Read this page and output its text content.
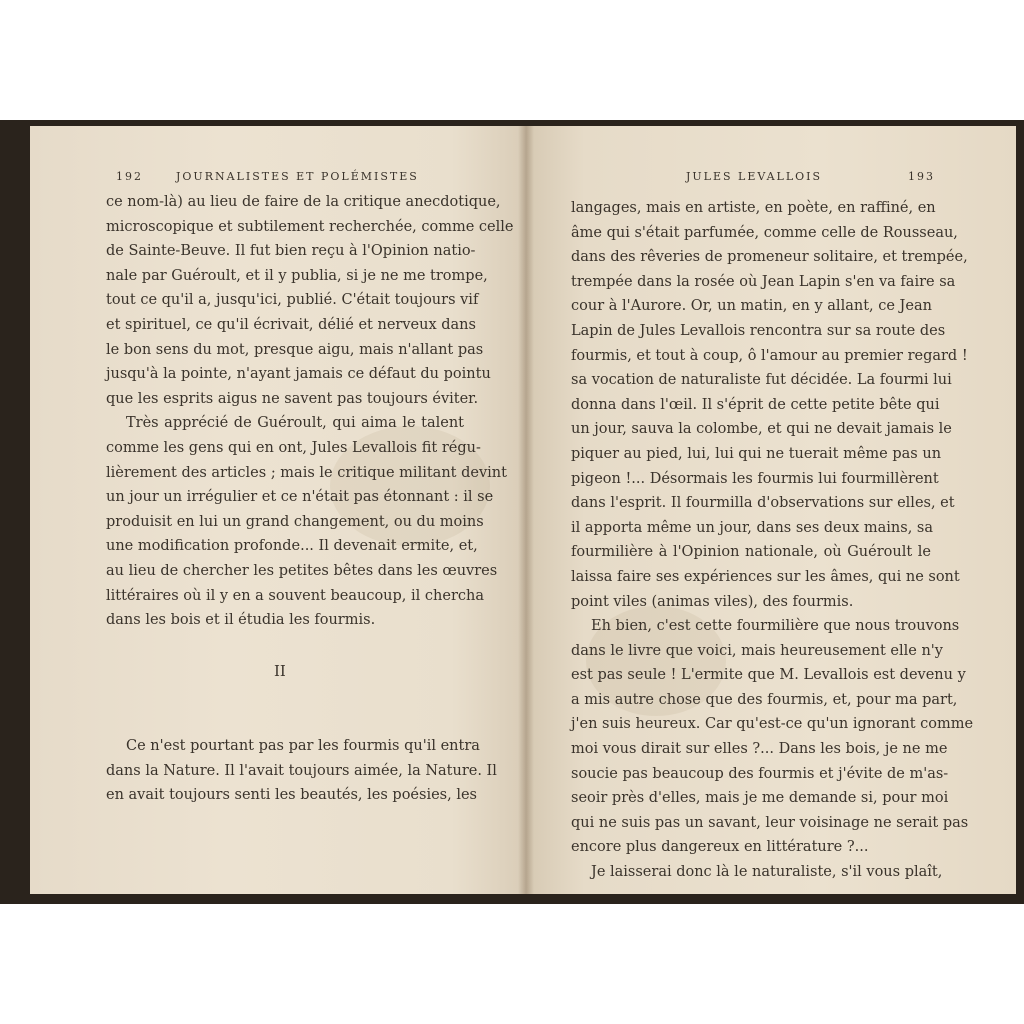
192	JOURNALISTES ET POLÉMISTES
ce nom-là) au lieu de faire de la critique anecdotique,
microscopique et subtilement recherchée, comme celle
de Sainte-Beuve. Il fut bien reçu à l'Opinion natio-
nale par Guéroult, et il y publia, si je ne me trompe,
tout ce qu'il a, jusqu'ici, publié. C'était toujours vif
et spirituel, ce qu'il écrivait, délié et nerveux dans
le bon sens du mot, presque aigu, mais n'allant pas
jusqu'à la pointe, n'ayant jamais ce défaut du pointu
que les esprits aigus ne savent pas toujours éviter.
Très apprécié de Guéroult, qui aima le talent
comme les gens qui en ont, Jules Levallois fit régu-
lièrement des articles ; mais le critique militant devint
un jour un irrégulier et ce n'était pas étonnant : il se
produisit en lui un grand changement, ou du moins
une modification profonde... Il devenait ermite, et,
au lieu de chercher les petites bêtes dans les œuvres
littéraires où il y en a souvent beaucoup, il chercha
dans les bois et il étudia les fourmis.
II
Ce n'est pourtant pas par les fourmis qu'il entra
dans la Nature. Il l'avait toujours aimée, la Nature. Il
en avait toujours senti les beautés, les poésies, les
JULES LEVALLOIS	193
langages, mais en artiste, en poète, en raffiné, en
âme qui s'était parfumée, comme celle de Rousseau,
dans des rêveries de promeneur solitaire, et trempée,
trempée dans la rosée où Jean Lapin s'en va faire sa
cour à l'Aurore. Or, un matin, en y allant, ce Jean
Lapin de Jules Levallois rencontra sur sa route des
fourmis, et tout à coup, ô l'amour au premier regard !
sa vocation de naturaliste fut décidée. La fourmi lui
donna dans l'œil. Il s'éprit de cette petite bête qui
un jour, sauva la colombe, et qui ne devait jamais le
piquer au pied, lui, lui qui ne tuerait même pas un
pigeon !... Désormais les fourmis lui fourmillèrent
dans l'esprit. Il fourmilla d'observations sur elles, et
il apporta même un jour, dans ses deux mains, sa
fourmilière à l'Opinion nationale, où Guéroult le
laissa faire ses expériences sur les âmes, qui ne sont
point viles (animas viles), des fourmis.
Eh bien, c'est cette fourmilière que nous trouvons
dans le livre que voici, mais heureusement elle n'y
est pas seule ! L'ermite que M. Levallois est devenu y
a mis autre chose que des fourmis, et, pour ma part,
j'en suis heureux. Car qu'est-ce qu'un ignorant comme
moi vous dirait sur elles ?... Dans les bois, je ne me
soucie pas beaucoup des fourmis et j'évite de m'as-
seoir près d'elles, mais je me demande si, pour moi
qui ne suis pas un savant, leur voisinage ne serait pas
encore plus dangereux en littérature ?...
Je laisserai donc là le naturaliste, s'il vous plaît,
